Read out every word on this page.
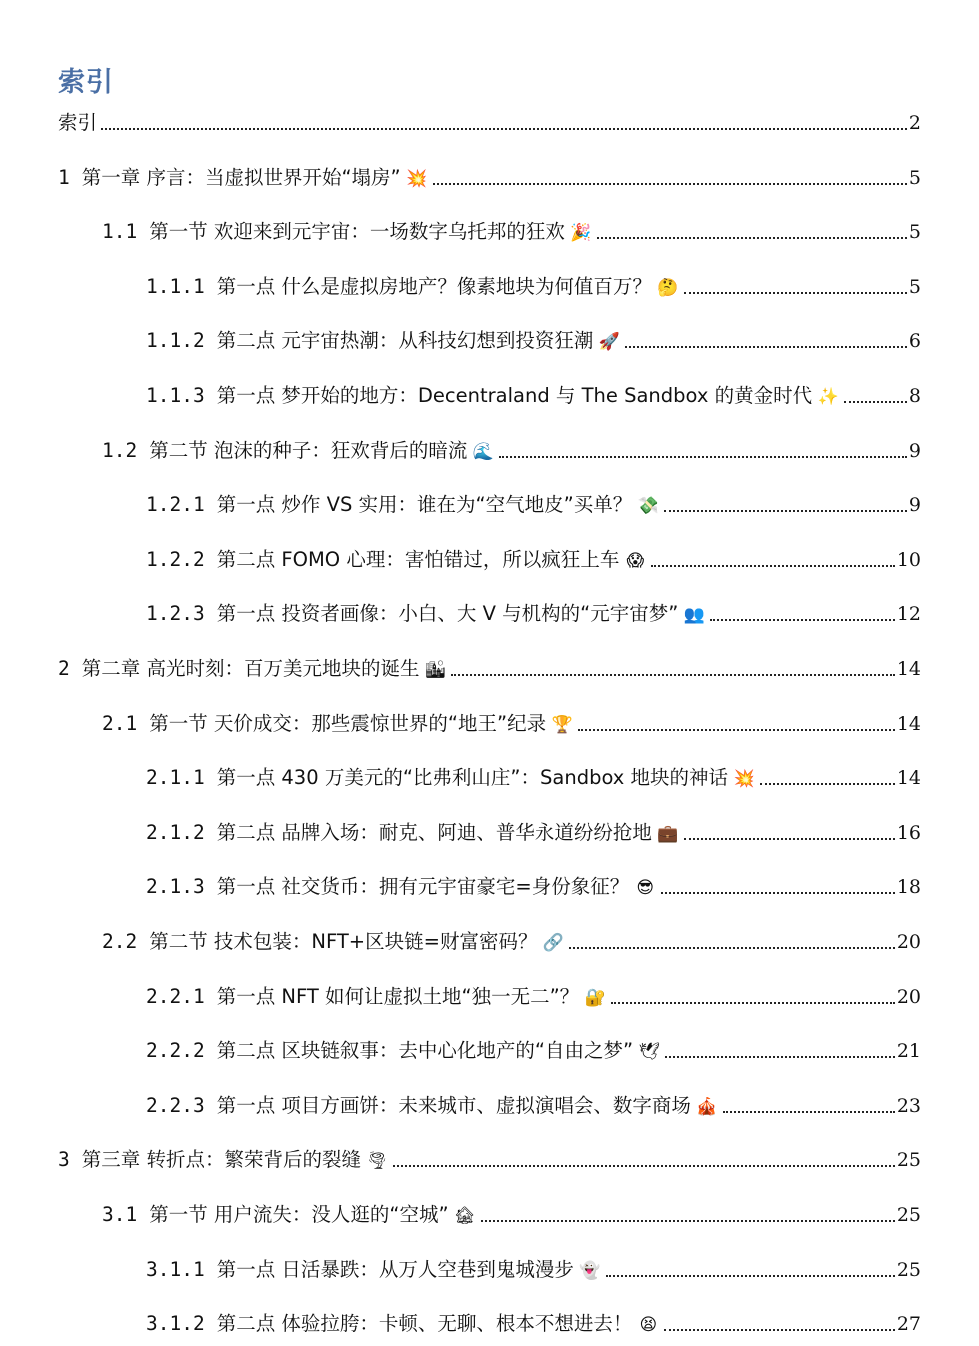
索引
索引	2
1 第一章 序言：当虚拟世界开始“塌房” 💥	5
1.1 第一节 欢迎来到元宇宙：一场数字乌托邦的狂欢 🎉	5
1.1.1 第一点 什么是虚拟房地产？像素地块为何值百万？ 🤔	5
1.1.2 第二点 元宇宙热潮：从科技幻想到投资狂潮 🚀	6
1.1.3 第一点 梦开始的地方：Decentraland 与 The Sandbox 的黄金时代 ✨	8
1.2 第二节 泡沫的种子：狂欢背后的暗流 🌊	9
1.2.1 第一点 炒作 VS 实用：谁在为“空气地皮”买单？ 💸	9
1.2.2 第二点 FOMO 心理：害怕错过，所以疯狂上车 😱	10
1.2.3 第一点 投资者画像：小白、大 V 与机构的“元宇宙梦” 👥	12
2 第二章 高光时刻：百万美元地块的诞生 🏙	14
2.1 第一节 天价成交：那些震惊世界的“地王”纪录 🏆	14
2.1.1 第一点 430 万美元的“比弗利山庄”：Sandbox 地块的神话 💥	14
2.1.2 第二点 品牌入场：耐克、阿迪、普华永道纷纷抢地 💼	16
2.1.3 第一点 社交货币：拥有元宇宙豪宅=身份象征？ 😎	18
2.2 第二节 技术包装：NFT+区块链=财富密码？ 🔗	20
2.2.1 第一点 NFT 如何让虚拟土地“独一无二”？ 🔐	20
2.2.2 第二点 区块链叙事：去中心化地产的“自由之梦” 🕊	21
2.2.3 第一点 项目方画饼：未来城市、虚拟演唱会、数字商场 🎪	23
3 第三章 转折点：繁荣背后的裂缝 🌪	25
3.1 第一节 用户流失：没人逛的“空城” 🏚	25
3.1.1 第一点 日活暴跌：从万人空巷到鬼城漫步 👻	25
3.1.2 第二点 体验拉胯：卡顿、无聊、根本不想进去！ 😫	27
